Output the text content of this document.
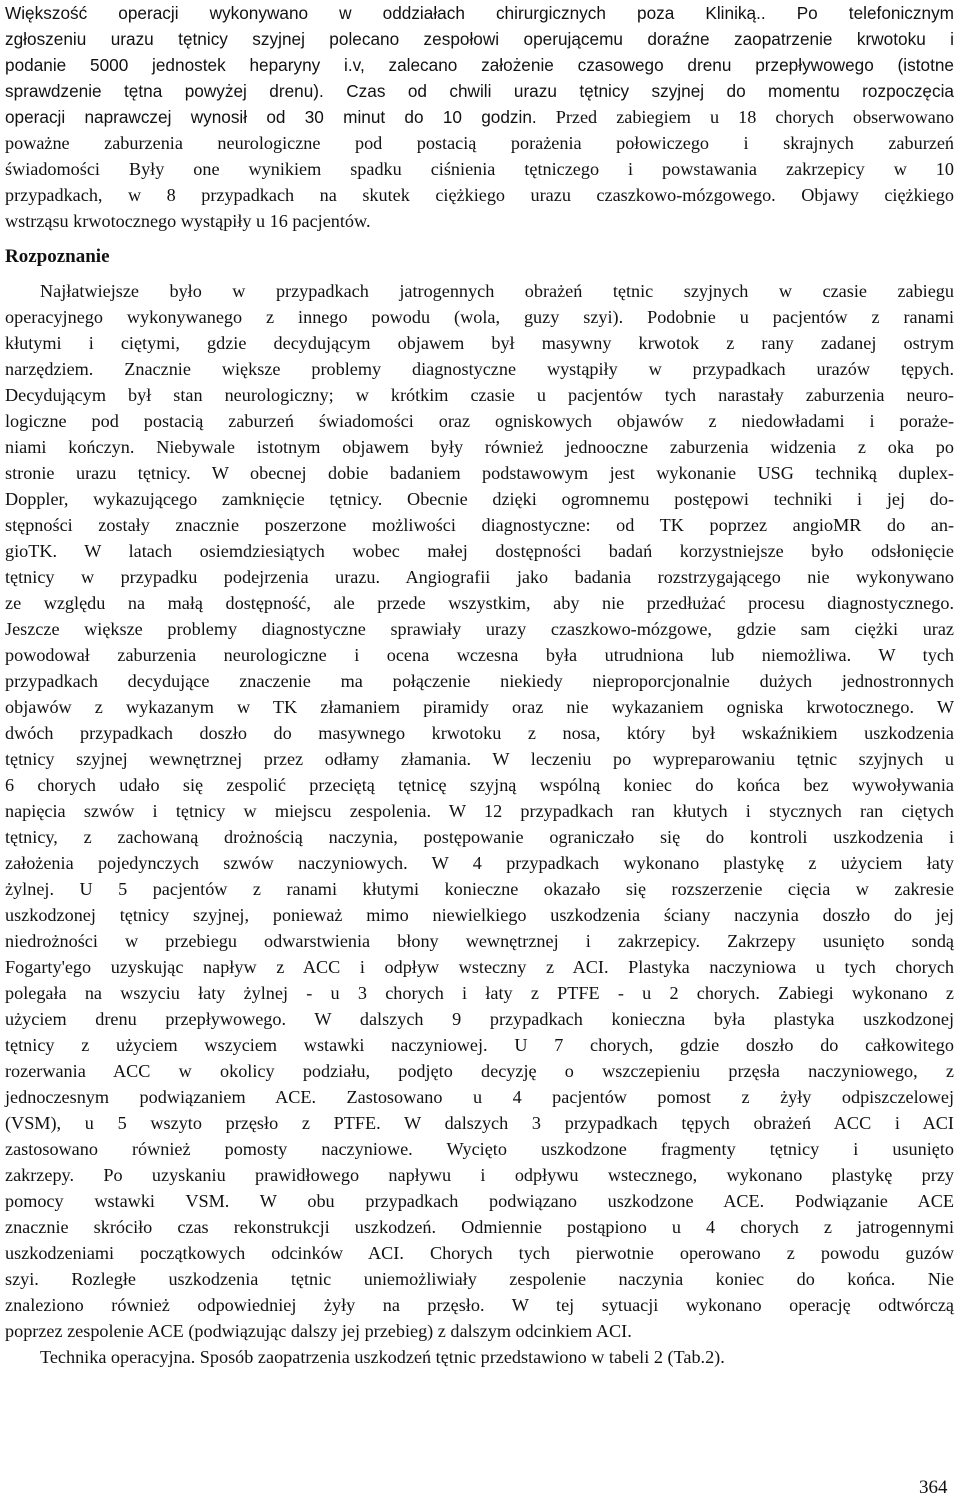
Większość operacji wykonywano w oddziałach chirurgicznych poza Kliniką.. Po telefonicznym
zgłoszeniu urazu tętnicy szyjnej polecano zespołowi operującemu doraźne zaopatrzenie krwotoku i
podanie 5000 jednostek heparyny i.v, zalecano założenie czasowego drenu przepływowego (istotne
sprawdzenie tętna powyżej drenu). Czas od chwili urazu tętnicy szyjnej do momentu rozpoczęcia
operacji naprawczej wynosił od 30 minut do 10 godzin. Przed zabiegiem u 18 chorych obserwowano
poważne zaburzenia neurologiczne pod postacią porażenia połowiczego i skrajnych zaburzeń
świadomości Były one wynikiem spadku ciśnienia tętniczego i powstawania zakrzepicy w 10
przypadkach, w 8 przypadkach na skutek ciężkiego urazu czaszkowo-mózgowego. Objawy ciężkiego
wstrząsu krwotocznego wystąpiły u 16 pacjentów.
Rozpoznanie
Najłatwiejsze było w przypadkach jatrogennych obrażeń tętnic szyjnych w czasie zabiegu
operacyjnego wykonywanego z innego powodu (wola, guzy szyi). Podobnie u pacjentów z ranami
kłutymi i ciętymi, gdzie decydującym objawem był masywny krwotok z rany zadanej ostrym
narzędziem. Znacznie większe problemy diagnostyczne wystąpiły w przypadkach urazów tępych.
Decydującym był stan neurologiczny; w krótkim czasie u pacjentów tych narastały zaburzenia neuro-
logiczne pod postacią zaburzeń świadomości oraz ogniskowych objawów z niedowładami i poraże-
niami kończyn. Niebywale istotnym objawem były również jednooczne zaburzenia widzenia z oka po
stronie urazu tętnicy. W obecnej dobie badaniem podstawowym jest wykonanie USG techniką duplex-
Doppler, wykazującego zamknięcie tętnicy. Obecnie dzięki ogromnemu postępowi techniki i jej do-
stępności zostały znacznie poszerzone możliwości diagnostyczne: od TK poprzez angioMR do an-
gioTK. W latach osiemdziesiątych wobec małej dostępności badań korzystniejsze było odsłonięcie
tętnicy w przypadku podejrzenia urazu. Angiografii jako badania rozstrzygającego nie wykonywano
ze względu na małą dostępność, ale przede wszystkim, aby nie przedłużać procesu diagnostycznego.
Jeszcze większe problemy diagnostyczne sprawiały urazy czaszkowo-mózgowe, gdzie sam ciężki uraz
powodował zaburzenia neurologiczne i ocena wczesna była utrudniona lub niemożliwa. W tych
przypadkach decydujące znaczenie ma połączenie niekiedy nieproporcjonalnie dużych jednostronnych
objawów z wykazanym w TK złamaniem piramidy oraz nie wykazaniem ogniska krwotocznego. W
dwóch przypadkach doszło do masywnego krwotoku z nosa, który był wskaźnikiem uszkodzenia
tętnicy szyjnej wewnętrznej przez odłamy złamania. W leczeniu po wypreparowaniu tętnic szyjnych u
6 chorych udało się zespolić przeciętą tętnicę szyjną wspólną koniec do końca bez wywoływania
napięcia szwów i tętnicy w miejscu zespolenia. W 12 przypadkach ran kłutych i stycznych ran ciętych
tętnicy, z zachowaną drożnością naczynia, postępowanie ograniczało się do kontroli uszkodzenia i
założenia pojedynczych szwów naczyniowych. W 4 przypadkach wykonano plastykę z użyciem łaty
żylnej. U 5 pacjentów z ranami kłutymi konieczne okazało się rozszerzenie cięcia w zakresie
uszkodzonej tętnicy szyjnej, ponieważ mimo niewielkiego uszkodzenia ściany naczynia doszło do jej
niedrożności w przebiegu odwarstwienia błony wewnętrznej i zakrzepicy. Zakrzepy usunięto sondą
Fogarty'ego uzyskując napływ z ACC i odpływ wsteczny z ACI. Plastyka naczyniowa u tych chorych
polegała na wszyciu łaty żylnej - u 3 chorych i łaty z PTFE - u 2 chorych. Zabiegi wykonano z
użyciem drenu przepływowego. W dalszych 9 przypadkach konieczna była plastyka uszkodzonej
tętnicy z użyciem wszyciem wstawki naczyniowej. U 7 chorych, gdzie doszło do całkowitego
rozerwania ACC w okolicy podziału, podjęto decyzję o wszczepieniu przęsła naczyniowego, z
jednoczesnym podwiązaniem ACE. Zastosowano u 4 pacjentów pomost z żyły odpiszczelowej
(VSM), u 5 wszyto przęsło z PTFE. W dalszych 3 przypadkach tępych obrażeń ACC i ACI
zastosowano również pomosty naczyniowe. Wycięto uszkodzone fragmenty tętnicy i usunięto
zakrzepy. Po uzyskaniu prawidłowego napływu i odpływu wstecznego, wykonano plastykę przy
pomocy wstawki VSM. W obu przypadkach podwiązano uszkodzone ACE. Podwiązanie ACE
znacznie skróciło czas rekonstrukcji uszkodzeń. Odmiennie postąpiono u 4 chorych z jatrogennymi
uszkodzeniami początkowych odcinków ACI. Chorych tych pierwotnie operowano z powodu guzów
szyi. Rozległe uszkodzenia tętnic uniemożliwiały zespolenie naczynia koniec do końca. Nie
znaleziono również odpowiedniej żyły na przęsło. W tej sytuacji wykonano operację odtwórczą
poprzez zespolenie ACE (podwiązując dalszy jej przebieg) z dalszym odcinkiem ACI.
Technika operacyjna. Sposób zaopatrzenia uszkodzeń tętnic przedstawiono w tabeli 2 (Tab.2).
364
